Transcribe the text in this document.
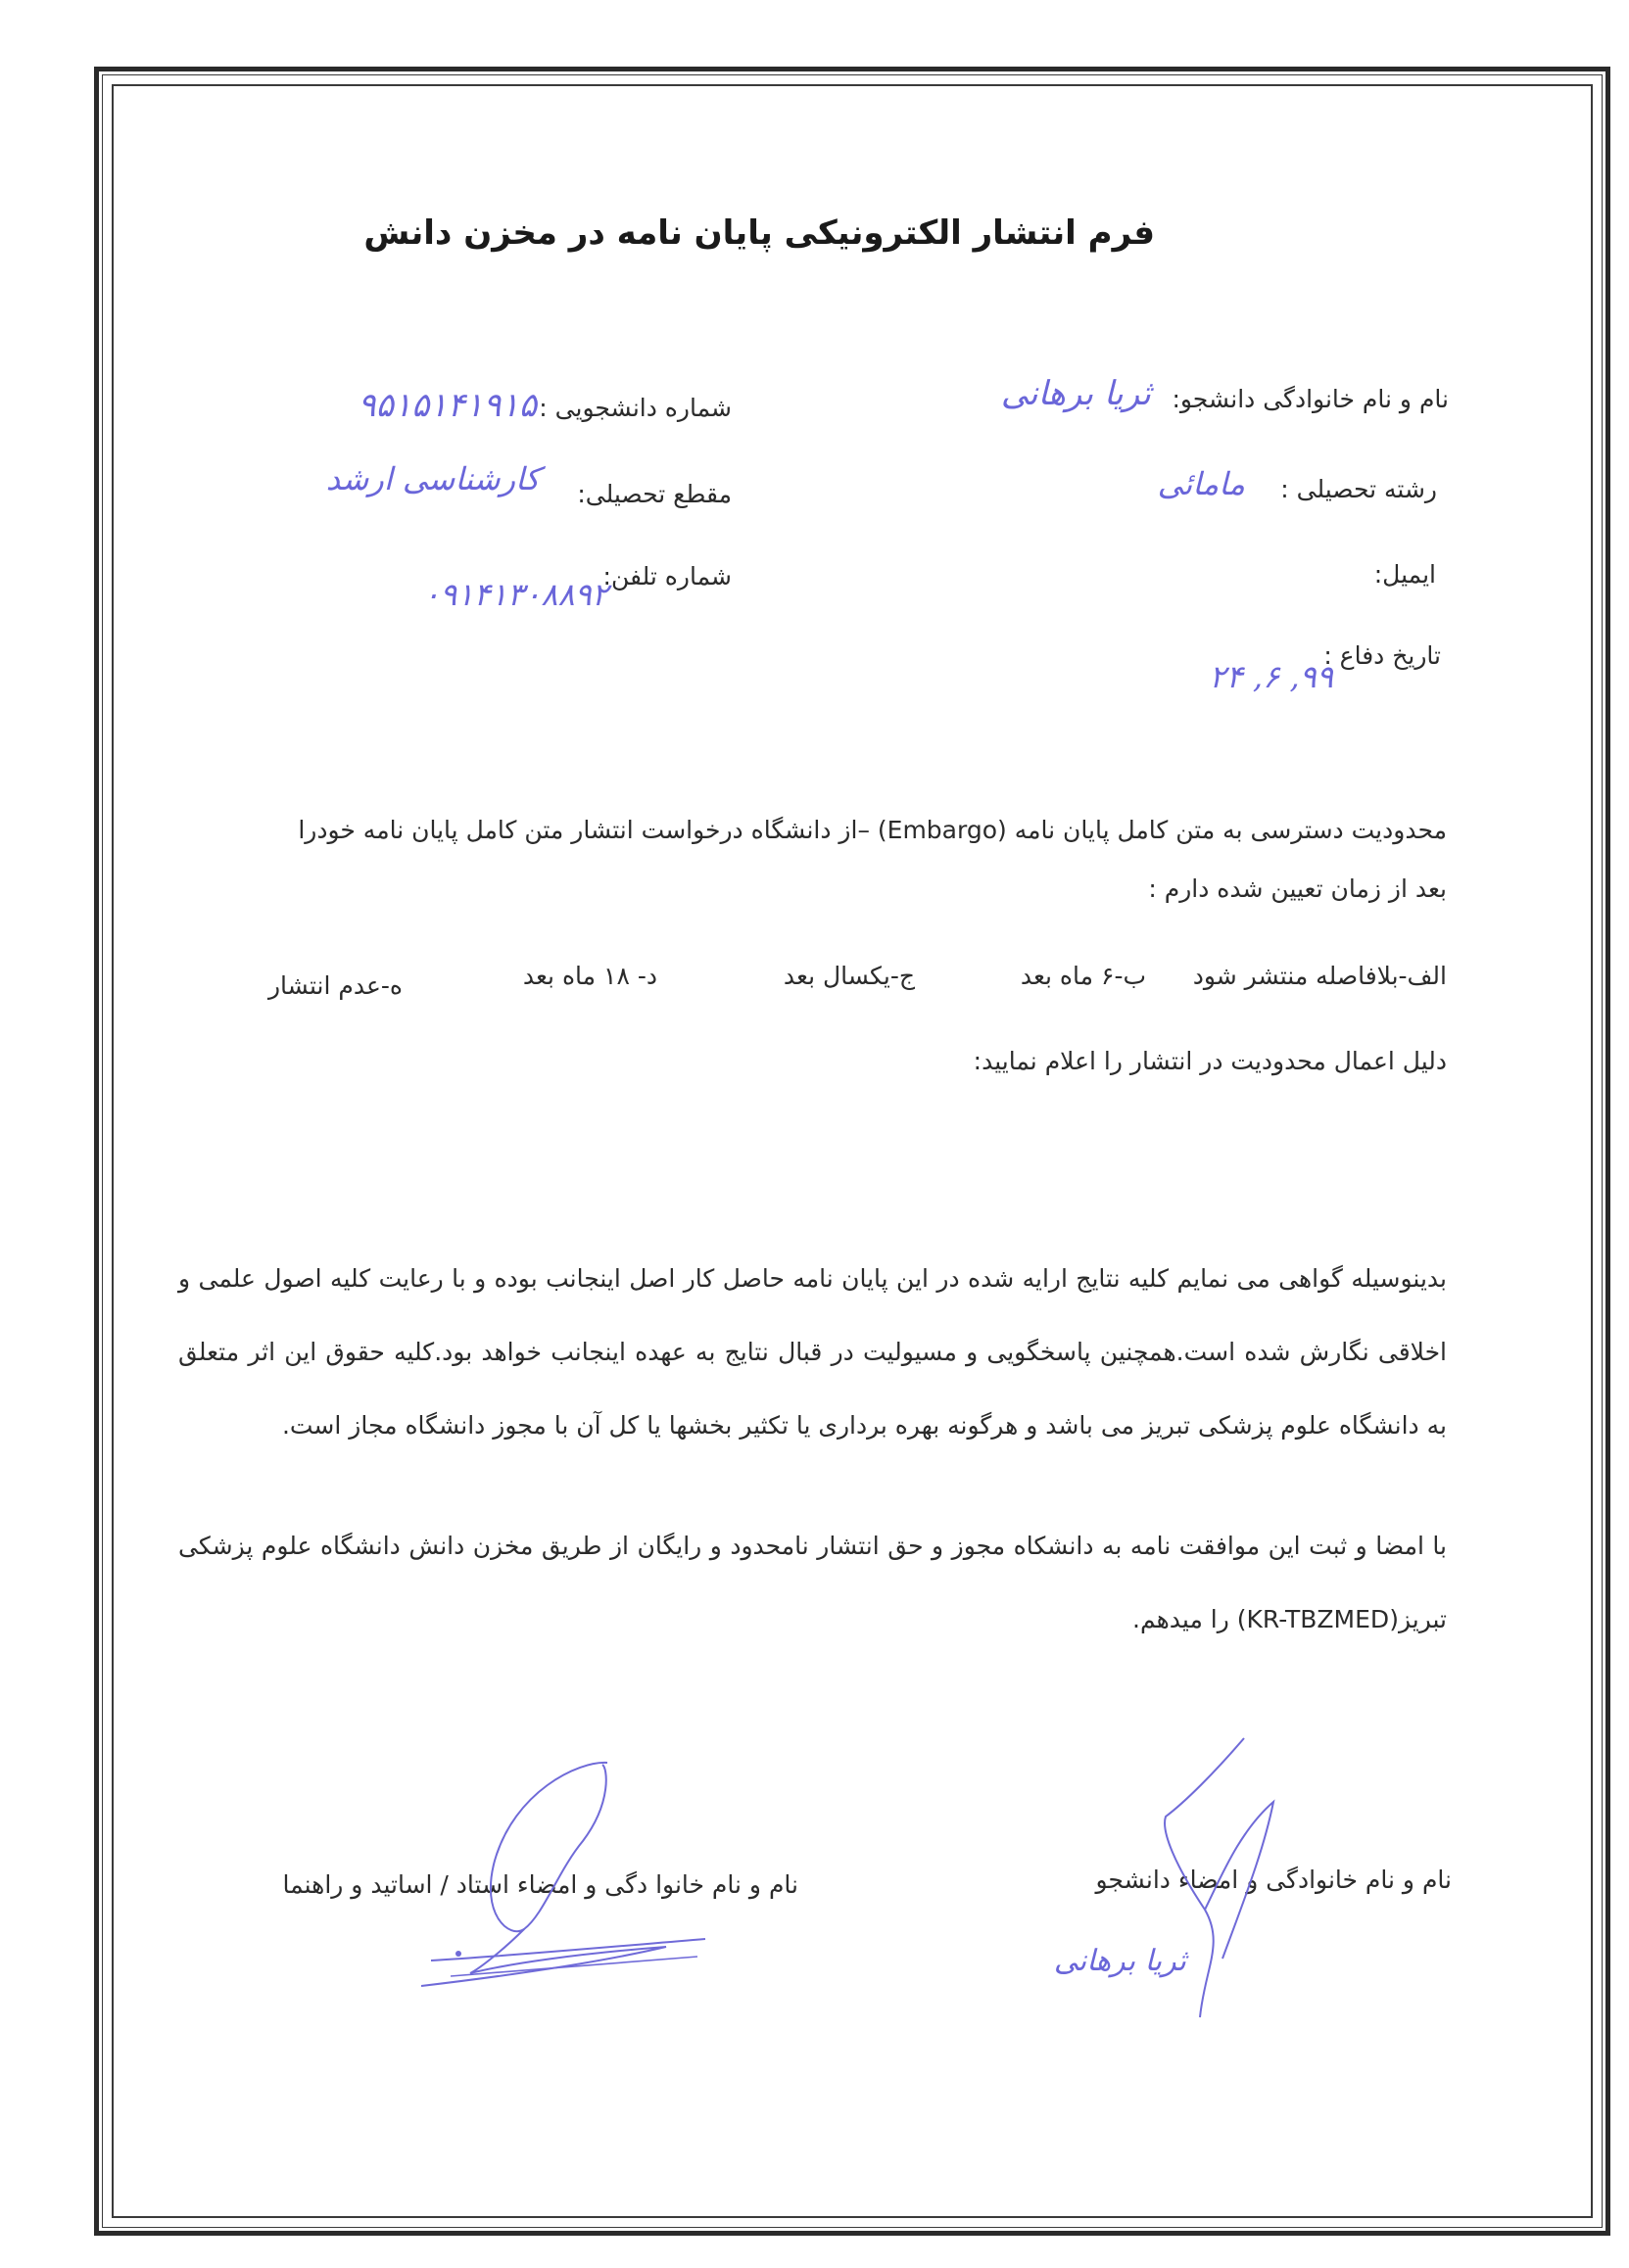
فرم انتشار الکترونیکی پایان نامه در مخزن دانش
نام و نام خانوادگی دانشجو:
ثریا برهانی
شماره دانشجویی :
۹۵۱۵۱۴۱۹۱۵
رشته تحصیلی :
مامائی
مقطع تحصیلی:
کارشناسی ارشد
ایمیل:
شماره تلفن:
۰۹۱۴۱۳۰۸۸۹۲
تاریخ دفاع :
۹۹, ۶, ۲۴
محدودیت دسترسی به متن کامل پایان نامه (Embargo) –از دانشگاه درخواست انتشار متن کامل پایان نامه خودرا
بعد از زمان تعیین شده دارم :
الف-بلافاصله منتشر شود
ب-۶ ماه بعد
ج-یکسال بعد
د- ۱۸ ماه بعد
ه-عدم انتشار
دلیل اعمال محدودیت در انتشار را اعلام نمایید:
بدینوسیله گواهی می نمایم کلیه نتایج ارایه شده در این پایان نامه حاصل کار اصل اینجانب بوده و با رعایت کلیه اصول علمی و اخلاقی نگارش شده است.همچنین پاسخگویی و مسیولیت در قبال نتایج به عهده اینجانب خواهد بود.کلیه حقوق این اثر متعلق به دانشگاه علوم پزشکی تبریز می باشد و هرگونه بهره برداری یا تکثیر بخشها یا کل آن با مجوز دانشگاه مجاز است.
با امضا و ثبت این موافقت نامه به دانشکاه مجوز و حق انتشار نامحدود و رایگان از طریق مخزن دانش دانشگاه علوم پزشکی تبریز(KR-TBZMED) را میدهم.
نام و نام خانوادگی و امضاء دانشجو
نام و نام خانوا دگی و امضاء استاد / اساتید و راهنما
ثریا برهانی
